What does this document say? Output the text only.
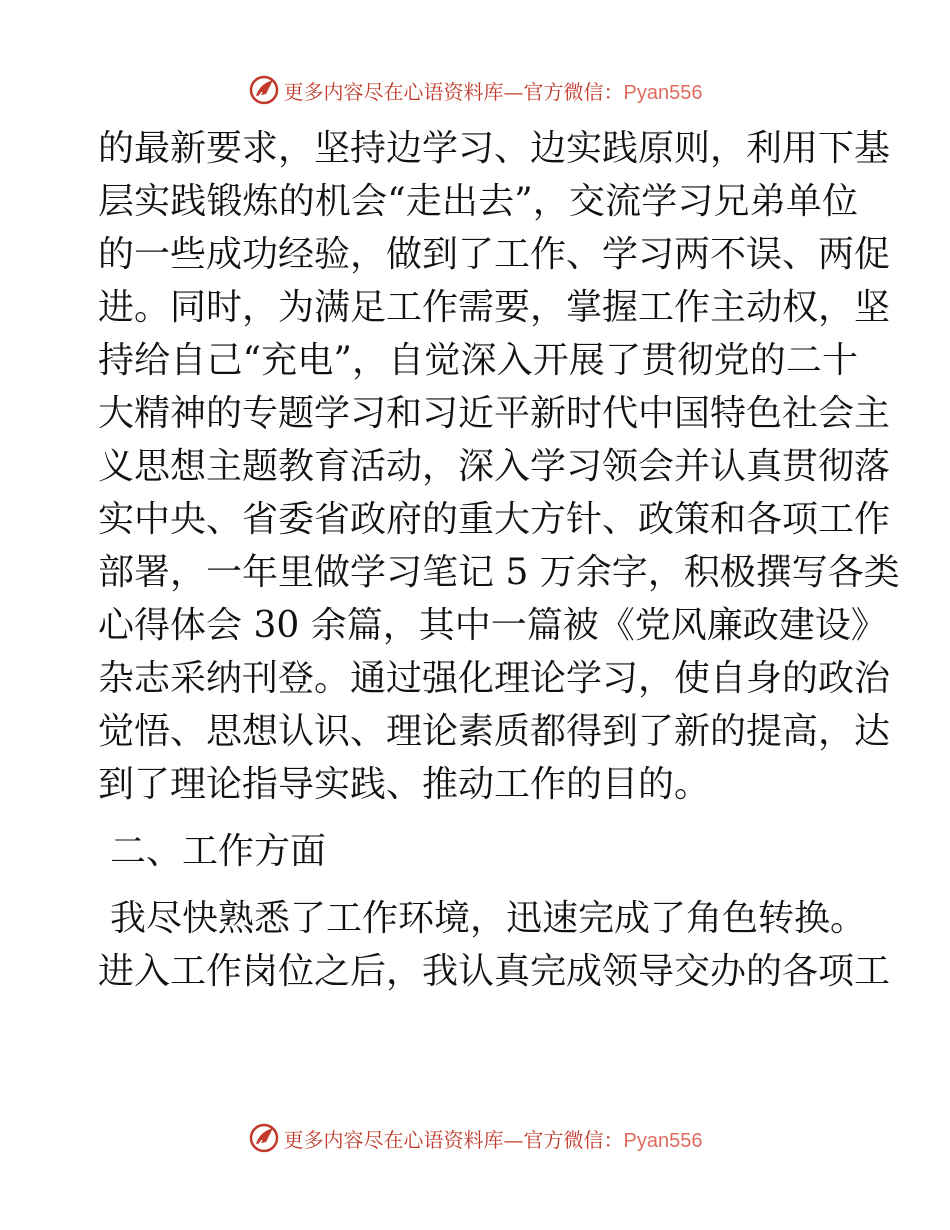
更多内容尽在心语资料库—官方微信：Pyan556
的最新要求，坚持边学习、边实践原则，利用下基
层实践锻炼的机会“走出去”，交流学习兄弟单位
的一些成功经验，做到了工作、学习两不误、两促
进。同时，为满足工作需要，掌握工作主动权，坚
持给自己“充电”，自觉深入开展了贯彻党的二十
大精神的专题学习和习近平新时代中国特色社会主
义思想主题教育活动，深入学习领会并认真贯彻落
实中央、省委省政府的重大方针、政策和各项工作
部署，一年里做学习笔记 5 万余字，积极撰写各类
心得体会 30 余篇，其中一篇被《党风廉政建设》
杂志采纳刊登。通过强化理论学习，使自身的政治
觉悟、思想认识、理论素质都得到了新的提高，达
到了理论指导实践、推动工作的目的。
二、工作方面
我尽快熟悉了工作环境，迅速完成了角色转换。
进入工作岗位之后，我认真完成领导交办的各项工
更多内容尽在心语资料库—官方微信：Pyan556
